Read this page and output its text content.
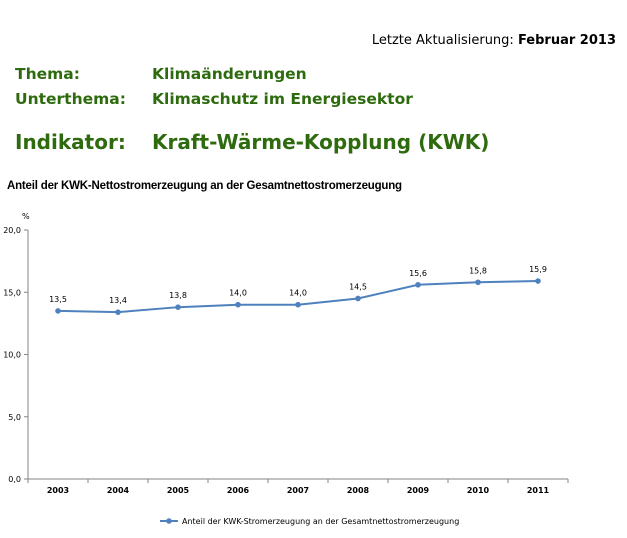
Letzte Aktualisierung: Februar 2013
Thema:	Klimaänderungen
Unterthema: Klimaschutz im Energiesektor
Indikator: Kraft-Wärme-Kopplung (KWK)
Anteil der KWK-Nettostromerzeugung an der Gesamtnettostromerzeugung
%
0,0
5,0
10,0
15,0
20,0
2003	2004	2005	2006	2007	2008	2009	2010	2011
13,5	13,4
13,8	14,0	14,0
14,5
15,6	15,8	15,9
Anteil der KWK-Stromerzeugung an der Gesamtnettostromerzeugung
